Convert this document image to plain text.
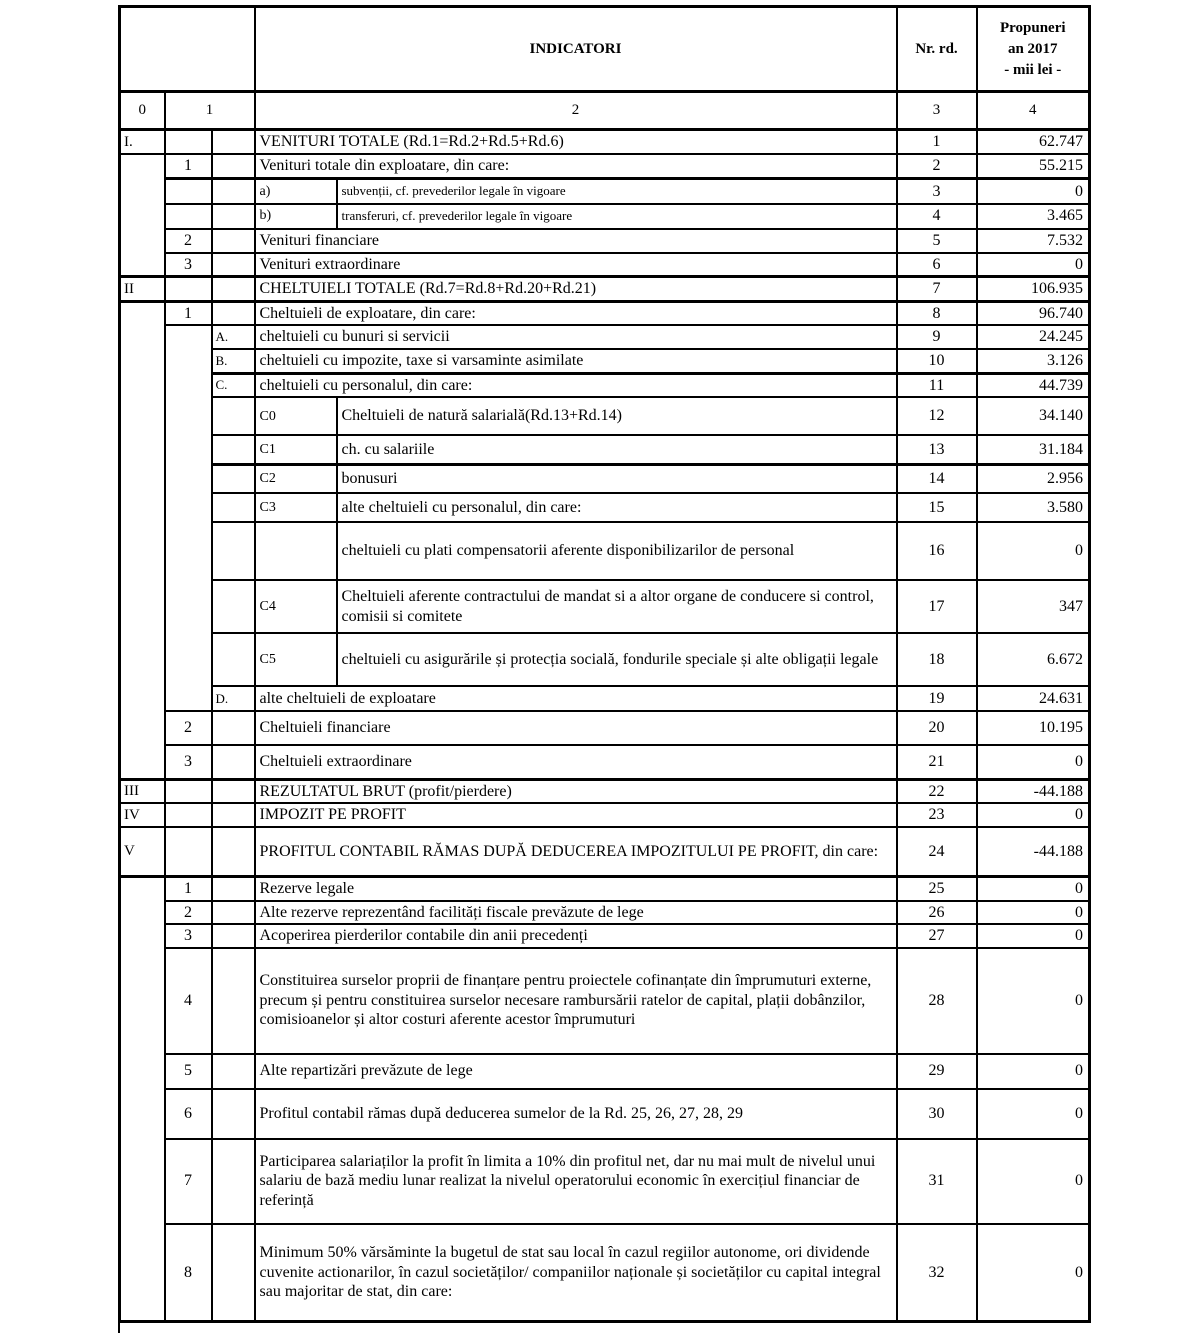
			INDICATORI		Nr. rd.	Propuneri
an 2017
- mii lei -

0	1		2		3	4
I.			VENITURI TOTALE (Rd.1=Rd.2+Rd.5+Rd.6)		1	62.747
	1		Venituri totale din exploatare, din care:		2	55.215
			a)	subvenții, cf. prevederilor legale în vigoare	3	0
			b)	transferuri, cf. prevederilor legale în vigoare	4	3.465
	2		Venituri financiare		5	7.532
	3		Venituri extraordinare		6	0
II			CHELTUIELI TOTALE (Rd.7=Rd.8+Rd.20+Rd.21)		7	106.935
	1		Cheltuieli de exploatare, din care:		8	96.740
		A.	cheltuieli cu bunuri si servicii		9	24.245
		B.	cheltuieli cu impozite, taxe si varsaminte asimilate		10	3.126
		C.	cheltuieli cu personalul, din care:		11	44.739
			C0	Cheltuieli de natură salarială(Rd.13+Rd.14)	12	34.140
			C1	ch. cu salariile	13	31.184
			C2	bonusuri	14	2.956
			C3	alte cheltuieli cu personalul, din care:	15	3.580
				cheltuieli cu plati compensatorii aferente disponibilizarilor de personal	16	0
			C4	Cheltuieli aferente contractului de mandat si a altor organe de conducere si control, comisii si comitete	17	347
			C5	cheltuieli cu asigurările și protecția socială, fondurile speciale și alte obligații legale	18	6.672
		D.	alte cheltuieli de exploatare		19	24.631
	2		Cheltuieli financiare		20	10.195
	3		Cheltuieli extraordinare		21	0
III			REZULTATUL BRUT (profit/pierdere)		22	-44.188
IV			IMPOZIT PE PROFIT		23	0
V			PROFITUL CONTABIL RĂMAS DUPĂ DEDUCEREA IMPOZITULUI PE PROFIT, din care:		24	-44.188
	1		Rezerve legale		25	0
	2		Alte rezerve reprezentând facilități fiscale prevăzute de lege		26	0
	3		Acoperirea pierderilor contabile din anii precedenți		27	0
	4		Constituirea surselor proprii de finanțare pentru proiectele cofinanțate din împrumuturi externe, precum și pentru constituirea surselor necesare rambursării ratelor de capital, plații dobânzilor, comisioanelor și altor costuri aferente acestor împrumuturi		28	0
	5		Alte repartizări prevăzute de lege		29	0
	6		Profitul contabil rămas după deducerea sumelor de la Rd. 25, 26, 27, 28, 29		30	0
	7		Participarea salariaților la profit în limita a 10% din profitul net, dar nu mai mult de nivelul unui salariu de bază mediu lunar realizat la nivelul operatorului economic în exercițiul financiar de referință		31	0
	8		Minimum 50% vărsăminte la bugetul de stat sau local în cazul regiilor autonome, ori dividende cuvenite actionarilor, în cazul societăților/ companiilor naționale și societăților cu capital integral sau majoritar de stat, din care:		32	0
